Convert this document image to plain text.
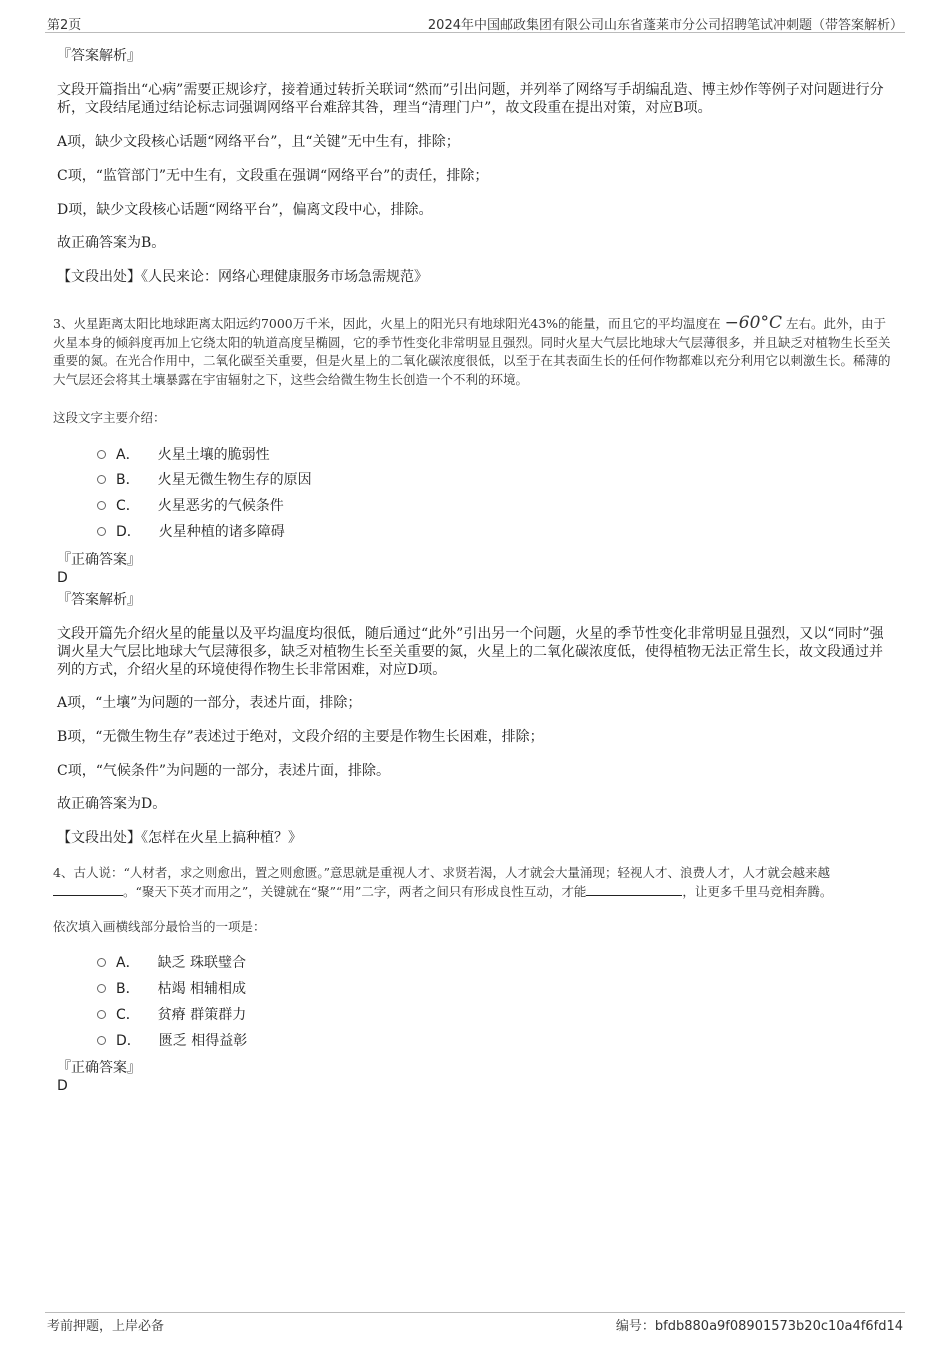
第2页	2024年中国邮政集团有限公司山东省蓬莱市分公司招聘笔试冲刺题（带答案解析）
『答案解析』
文段开篇指出“心病”需要正规诊疗，接着通过转折关联词“然而”引出问题，并列举了网络写手胡编乱造、博主炒作等例子对问题进行分析，文段结尾通过结论标志词强调网络平台难辞其咎，理当“清理门户”，故文段重在提出对策，对应B项。
A项，缺少文段核心话题“网络平台”，且“关键”无中生有，排除；
C项，“监管部门”无中生有，文段重在强调“网络平台”的责任，排除；
D项，缺少文段核心话题“网络平台”，偏离文段中心，排除。
故正确答案为B。
【文段出处】《人民来论：网络心理健康服务市场急需规范》
3、火星距离太阳比地球距离太阳远约7000万千米，因此，火星上的阳光只有地球阳光43%的能量，而且它的平均温度在 −60°C 左右。此外，由于火星本身的倾斜度再加上它绕太阳的轨道高度呈椭圆，它的季节性变化非常明显且强烈。同时火星大气层比地球大气层薄很多，并且缺乏对植物生长至关重要的氮。在光合作用中，二氧化碳至关重要，但是火星上的二氧化碳浓度很低，以至于在其表面生长的任何作物都难以充分利用它以刺激生长。稀薄的大气层还会将其土壤暴露在宇宙辐射之下，这些会给微生物生长创造一个不利的环境。
这段文字主要介绍：
A． 火星土壤的脆弱性
B． 火星无微生物生存的原因
C． 火星恶劣的气候条件
D． 火星种植的诸多障碍
『正确答案』
D
『答案解析』
文段开篇先介绍火星的能量以及平均温度均很低，随后通过“此外”引出另一个问题，火星的季节性变化非常明显且强烈，又以“同时”强调火星大气层比地球大气层薄很多，缺乏对植物生长至关重要的氮，火星上的二氧化碳浓度低，使得植物无法正常生长，故文段通过并列的方式，介绍火星的环境使得作物生长非常困难，对应D项。
A项，“土壤”为问题的一部分，表述片面，排除；
B项，“无微生物生存”表述过于绝对，文段介绍的主要是作物生长困难，排除；
C项，“气候条件”为问题的一部分，表述片面，排除。
故正确答案为D。
【文段出处】《怎样在火星上搞种植？》
4、古人说：“人材者，求之则愈出，置之则愈匮。”意思就是重视人才、求贤若渴，人才就会大量涌现；轻视人才、浪费人才，人才就会越来越。“聚天下英才而用之”，关键就在“聚”“用”二字，两者之间只有形成良性互动，才能	，让更多千里马竞相奔腾。
依次填入画横线部分最恰当的一项是：
A． 缺乏 珠联璧合
B． 枯竭 相辅相成
C． 贫瘠 群策群力
D． 匮乏 相得益彰
『正确答案』
D
考前押题，上岸必备	编号：bfdb880a9f08901573b20c10a4f6fd14
